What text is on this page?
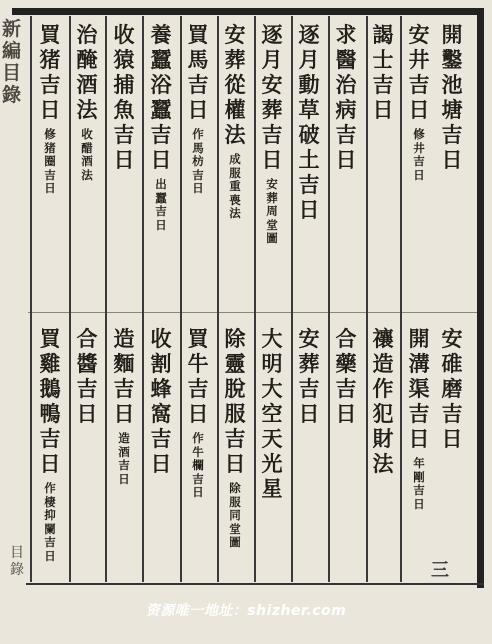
新
編
目
錄
目
錄	三
開
鑿
池
塘
吉
日
安
碓
磨
吉
日
安
井
吉
日
修
井
吉
日
開
溝
渠
吉
日
年
剛
吉
日
謁
士
吉
日
禳
造
作
犯
財
法
求
醫
治
病
吉
日
合
藥
吉
日
逐
月
動
草
破
土
吉
日
安
葬
吉
日
逐
月
安
葬
吉
日
安
葬
周
堂
圖
大
明
大
空
天
光
星
安
葬
從
權
法
成
服
重
喪
法
除
靈
脫
服
吉
日
除
服
同
堂
圖
買
馬
吉
日
作
馬
枋
吉
日
買
牛
吉
日
作
牛
欄
吉
日
養
蠶
浴
蠶
吉
日
出
蠶
吉
日
收
割
蜂
窩
吉
日
收
猿
捕
魚
吉
日
造
麵
吉
日
造
酒
吉
日
治
醃
酒
法
收
醋
酒
法
合
醬
吉
日
買
猪
吉
日
修
猪
圈
吉
日
買
雞
鵝
鴨
吉
日
作
棲
抑
闌
吉
日
资源唯一地址：shizher.com
